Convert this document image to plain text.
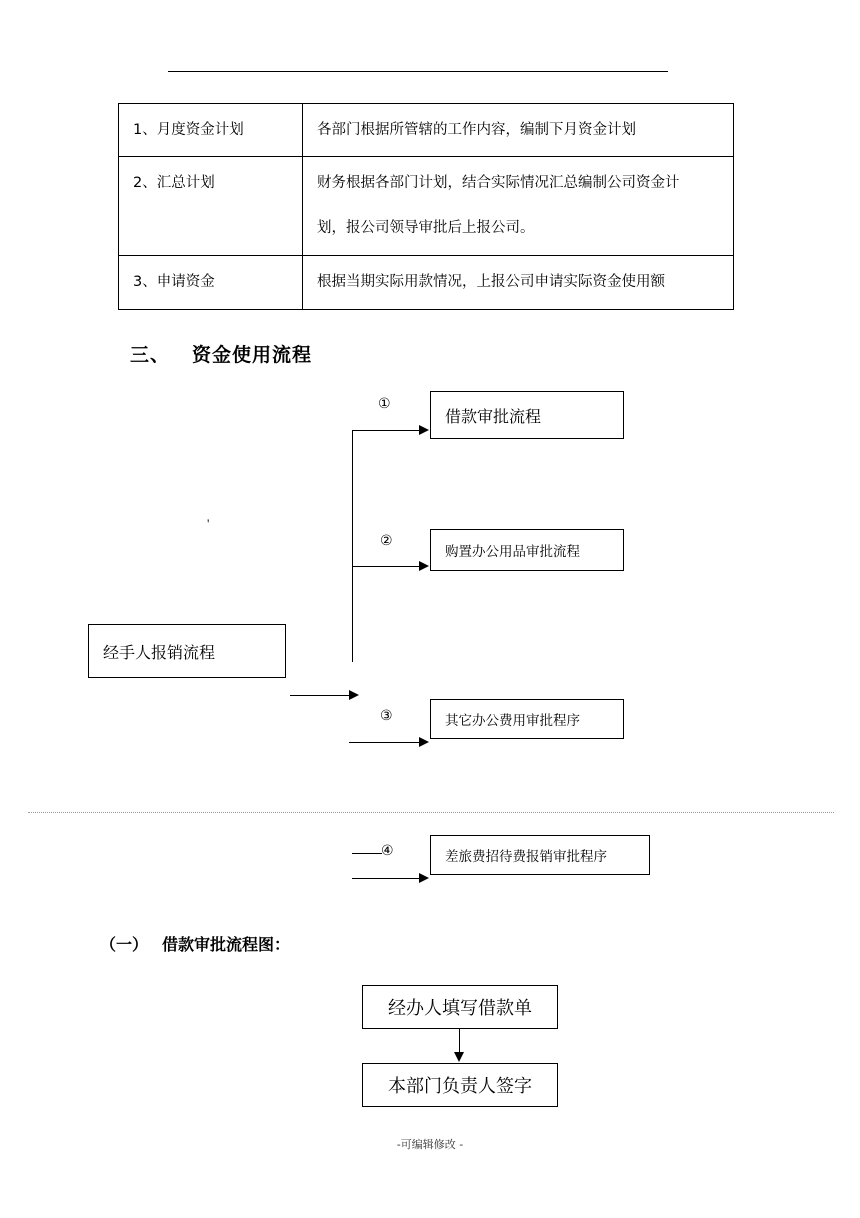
1、月度资金计划	各部门根据所管辖的工作内容，编制下月资金计划
2、汇总计划	财务根据各部门计划，结合实际情况汇总编制公司资金计
划，报公司领导审批后上报公司。

3、申请资金	根据当期实际用款情况，上报公司申请实际资金使用额
三、 资金使用流程
经手人报销流程
借款审批流程
①
购置办公用品审批流程
②
其它办公费用审批程序
③
差旅费招待费报销审批程序
④
'
（一） 借款审批流程图：
经办人填写借款单
本部门负责人签字
-可编辑修改 -
